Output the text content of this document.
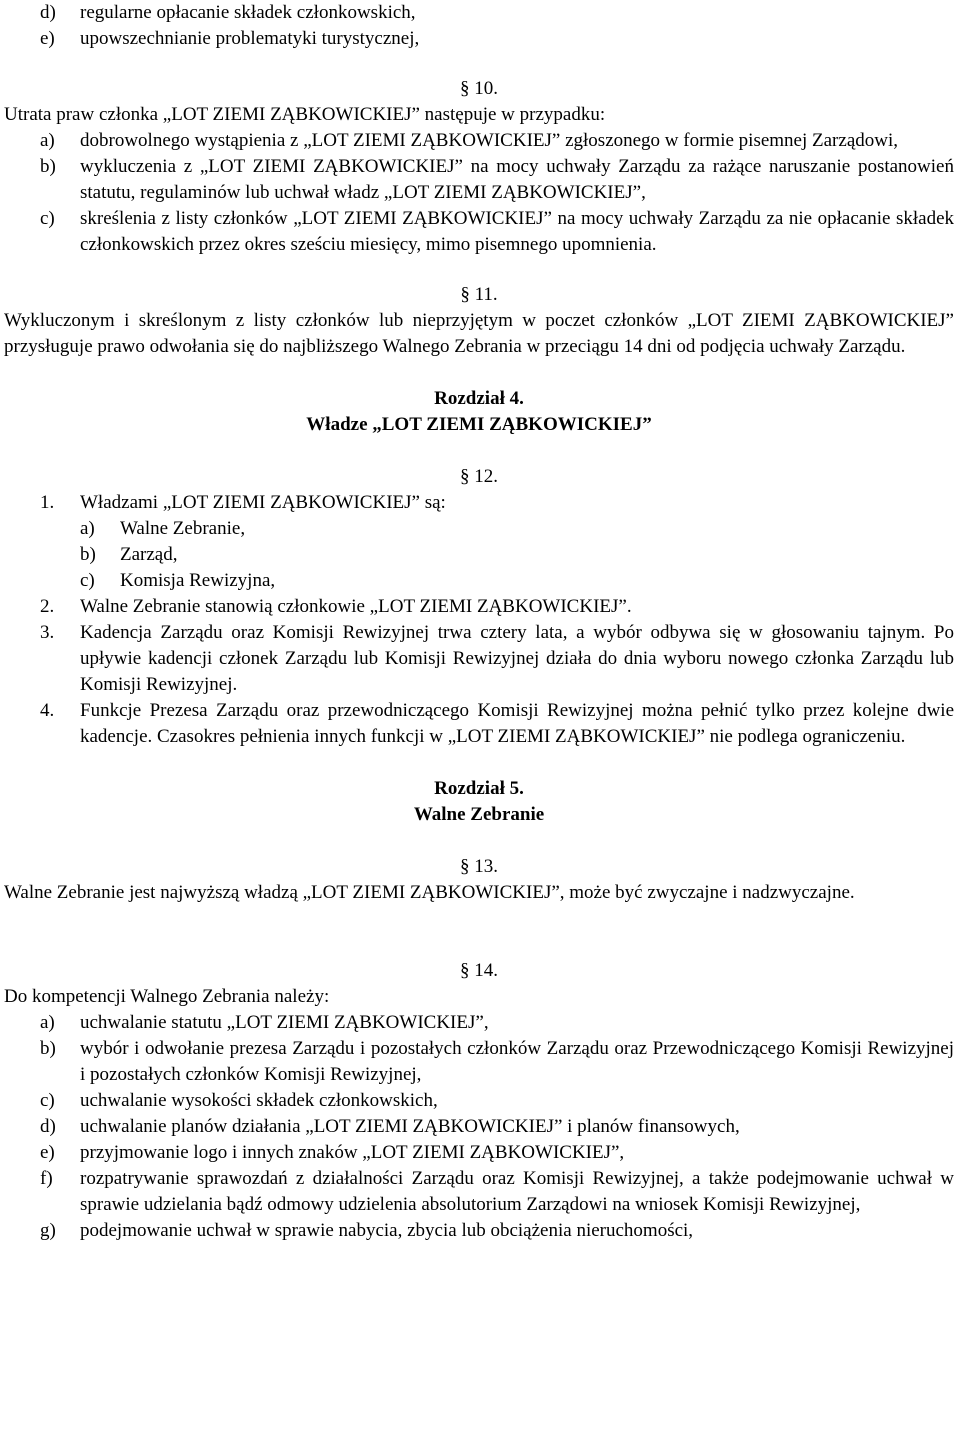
d)	regularne opłacanie składek członkowskich,
e)	upowszechnianie problematyki turystycznej,

§ 10.

Utrata praw członka „LOT ZIEMI ZĄBKOWICKIEJ” następuje w przypadku:

a)	dobrowolnego wystąpienia z „LOT ZIEMI ZĄBKOWICKIEJ” zgłoszonego w formie pisemnej Zarządowi,
b)	wykluczenia z „LOT ZIEMI ZĄBKOWICKIEJ” na mocy uchwały Zarządu za rażące naruszanie postanowień statutu, regulaminów lub uchwał władz „LOT ZIEMI ZĄBKOWICKIEJ”,
c)	skreślenia z listy członków „LOT ZIEMI ZĄBKOWICKIEJ” na mocy uchwały Zarządu za nie opłacanie składek członkowskich przez okres sześciu miesięcy, mimo pisemnego upomnienia.

§ 11.

Wykluczonym i skreślonym z listy członków lub nieprzyjętym w poczet członków „LOT ZIEMI ZĄBKOWICKIEJ” przysługuje prawo odwołania się do najbliższego Walnego Zebrania w przeciągu 14 dni od podjęcia uchwały Zarządu.

Rozdział 4.

Władze „LOT ZIEMI ZĄBKOWICKIEJ”

§ 12.

1.	Władzami „LOT ZIEMI ZĄBKOWICKIEJ” są:
a)	Walne Zebranie,
b)	Zarząd,
c)	Komisja Rewizyjna,
2.	Walne Zebranie stanowią członkowie „LOT ZIEMI ZĄBKOWICKIEJ”.
3.	Kadencja Zarządu oraz Komisji Rewizyjnej trwa cztery lata, a wybór odbywa się w głosowaniu tajnym. Po upływie kadencji członek Zarządu lub Komisji Rewizyjnej działa do dnia wyboru nowego członka Zarządu lub Komisji Rewizyjnej.
4.	Funkcje Prezesa Zarządu oraz przewodniczącego Komisji Rewizyjnej można pełnić tylko przez kolejne dwie kadencje. Czasokres pełnienia innych funkcji w „LOT ZIEMI ZĄBKOWICKIEJ” nie podlega ograniczeniu.

Rozdział 5.

Walne Zebranie

§ 13.

Walne Zebranie jest najwyższą władzą „LOT ZIEMI ZĄBKOWICKIEJ”, może być zwyczajne i nadzwyczajne.

§ 14.

Do kompetencji Walnego Zebrania należy:

a)	uchwalanie statutu „LOT ZIEMI ZĄBKOWICKIEJ”,
b)	wybór i odwołanie prezesa Zarządu i pozostałych członków Zarządu oraz Przewodniczącego Komisji Rewizyjnej i pozostałych członków Komisji Rewizyjnej,
c)	uchwalanie wysokości składek członkowskich,
d)	uchwalanie planów działania „LOT ZIEMI ZĄBKOWICKIEJ” i planów finansowych,
e)	przyjmowanie logo i innych znaków „LOT ZIEMI ZĄBKOWICKIEJ”,
f)	rozpatrywanie sprawozdań z działalności Zarządu oraz Komisji Rewizyjnej, a także podejmowanie uchwał w sprawie udzielania bądź odmowy udzielenia absolutorium Zarządowi na wniosek Komisji Rewizyjnej,
g)	podejmowanie uchwał w sprawie nabycia, zbycia lub obciążenia nieruchomości,
